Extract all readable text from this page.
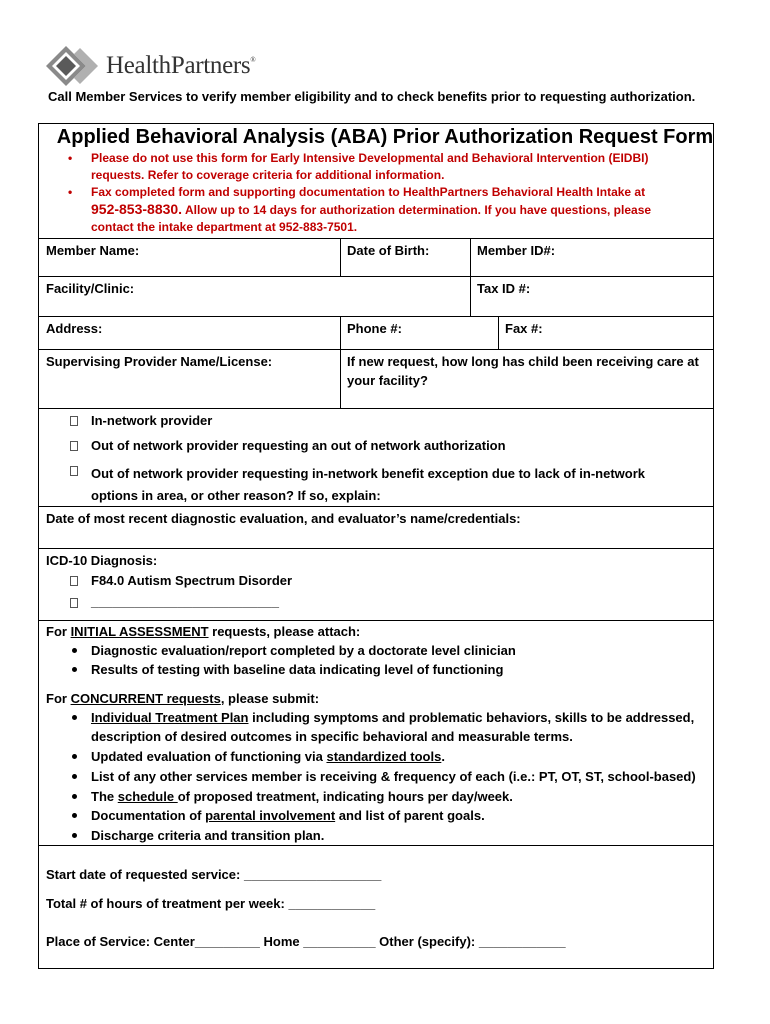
HealthPartners®
Call Member Services to verify member eligibility and to check benefits prior to requesting authorization.
Applied Behavioral Analysis (ABA) Prior Authorization Request Form
• Please do not use this form for Early Intensive Developmental and Behavioral Intervention (EIDBI)
requests. Refer to coverage criteria for additional information.
• Fax completed form and supporting documentation to HealthPartners Behavioral Health Intake at
952-853-8830. Allow up to 14 days for authorization determination. If you have questions, please
contact the intake department at 952-883-7501.
Member Name:	Date of Birth:	Member ID#:
Facility/Clinic:	Tax ID #:
Address:	Phone #:	Fax #:
Supervising Provider Name/License:	If new request, how long has child been receiving care at
your facility?
In-network provider
Out of network provider requesting an out of network authorization
Out of network provider requesting in-network benefit exception due to lack of in-network
options in area, or other reason? If so, explain:
Date of most recent diagnostic evaluation, and evaluator’s name/credentials:
ICD-10 Diagnosis:
F84.0 Autism Spectrum Disorder
__________________________
For INITIAL ASSESSMENT requests, please attach:
Diagnostic evaluation/report completed by a doctorate level clinician
Results of testing with baseline data indicating level of functioning
For CONCURRENT requests, please submit:
Individual Treatment Plan including symptoms and problematic behaviors, skills to be addressed,
description of desired outcomes in specific behavioral and measurable terms.
Updated evaluation of functioning via standardized tools.
List of any other services member is receiving & frequency of each (i.e.: PT, OT, ST, school-based)
The schedule of proposed treatment, indicating hours per day/week.
Documentation of parental involvement and list of parent goals.
Discharge criteria and transition plan.
Start date of requested service: ___________________
Total # of hours of treatment per week: ____________
Place of Service: Center_________ Home __________ Other (specify): ____________
